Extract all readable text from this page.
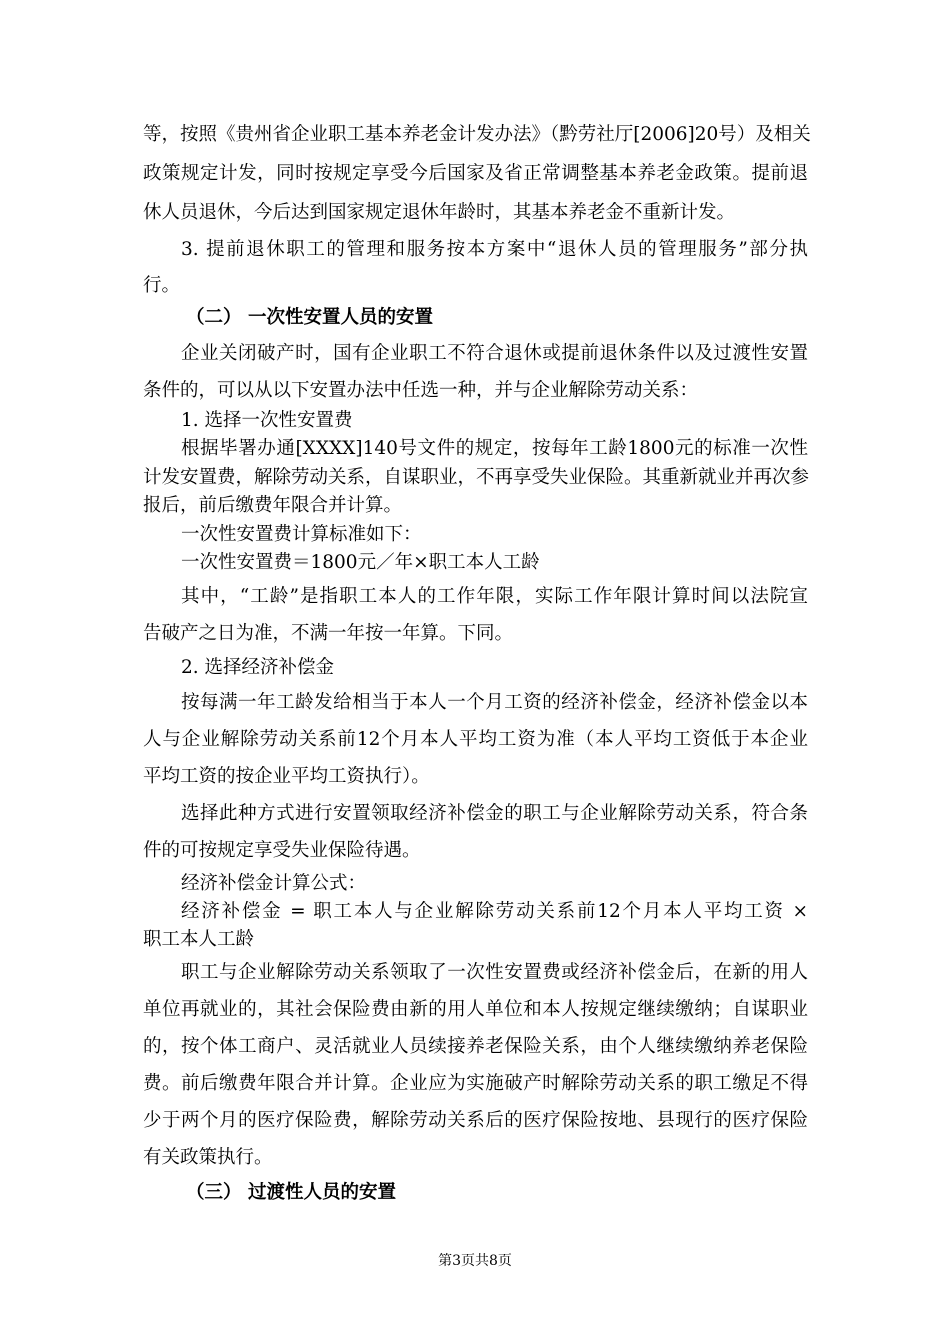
等，按照《贵州省企业职工基本养老金计发办法》（黔劳社厅[2006]20号）及相关
政策规定计发，同时按规定享受今后国家及省正常调整基本养老金政策。提前退
休人员退休，今后达到国家规定退休年龄时，其基本养老金不重新计发。
3. 提前退休职工的管理和服务按本方案中“退休人员的管理服务”部分执
行。
（二） 一次性安置人员的安置
企业关闭破产时，国有企业职工不符合退休或提前退休条件以及过渡性安置
条件的，可以从以下安置办法中任选一种，并与企业解除劳动关系：
1. 选择一次性安置费
根据毕署办通[XXXX]140号文件的规定，按每年工龄1800元的标准一次性
计发安置费，解除劳动关系，自谋职业，不再享受失业保险。其重新就业并再次参
报后，前后缴费年限合并计算。
一次性安置费计算标准如下：
一次性安置费＝1800元／年×职工本人工龄
其中，“工龄”是指职工本人的工作年限，实际工作年限计算时间以法院宣
告破产之日为准，不满一年按一年算。下同。
2. 选择经济补偿金
按每满一年工龄发给相当于本人一个月工资的经济补偿金，经济补偿金以本
人与企业解除劳动关系前12个月本人平均工资为准（本人平均工资低于本企业
平均工资的按企业平均工资执行）。
选择此种方式进行安置领取经济补偿金的职工与企业解除劳动关系，符合条
件的可按规定享受失业保险待遇。
经济补偿金计算公式：
经济补偿金 = 职工本人与企业解除劳动关系前12个月本人平均工资 ×
职工本人工龄
职工与企业解除劳动关系领取了一次性安置费或经济补偿金后，在新的用人
单位再就业的，其社会保险费由新的用人单位和本人按规定继续缴纳；自谋职业
的，按个体工商户、灵活就业人员续接养老保险关系，由个人继续缴纳养老保险
费。前后缴费年限合并计算。企业应为实施破产时解除劳动关系的职工缴足不得
少于两个月的医疗保险费，解除劳动关系后的医疗保险按地、县现行的医疗保险
有关政策执行。
（三） 过渡性人员的安置
第3页共8页
